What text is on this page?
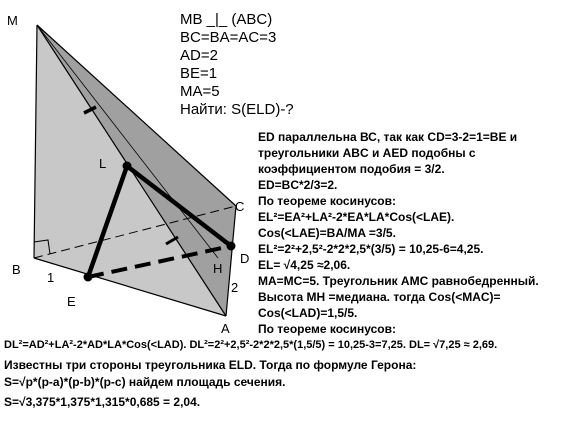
M
B
C
A
L
E
D
H
1
2
MB _|_ (ABC)
BC=BA=AC=3
AD=2
BE=1
MA=5
Найти: S(ELD)-?
ED параллельна ВС, так как CD=3-2=1=BE и
треугольники ABC и AED подобны с
коэффициентом подобия = 3/2.
ED=BC*2/3=2.
По теореме косинусов:
EL²=EA²+LA²-2*EA*LA*Cos(<LAE).
Cos(<LAE)=BA/MA =3/5.
EL²=2²+2,5²-2*2*2,5*(3/5) = 10,25-6=4,25.
EL= √4,25 ≈2,06.
MA=MC=5. Треугольник AMC равнобедренный.
Высота MH =медиана. тогда Cos(<MAC)=
Cos(<LAD)=1,5/5.
По теореме косинусов:
DL²=AD²+LA²-2*AD*LA*Cos(<LAD). DL²=2²+2,5²-2*2*2,5*(1,5/5) = 10,25-3=7,25. DL= √7,25 ≈ 2,69.
Известны три стороны треугольника ELD. Тогда по формуле Герона:
S=√p*(p-a)*(p-b)*(p-c) найдем площадь сечения.
S=√3,375*1,375*1,315*0,685 = 2,04.
